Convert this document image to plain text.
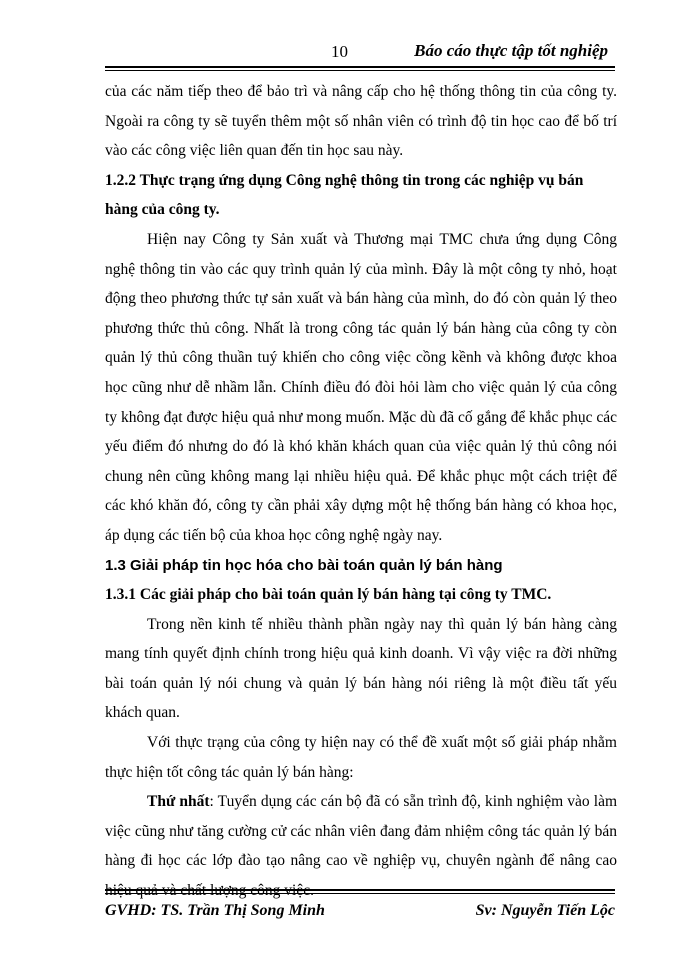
10	Báo cáo thực tập tốt nghiệp

của các năm tiếp theo để bảo trì và nâng cấp cho hệ thống thông tin của công ty. Ngoài ra công ty sẽ tuyển thêm một số nhân viên có trình độ tin học cao để bố trí vào các công việc liên quan đến tin học sau này.

1.2.2 Thực trạng ứng dụng Công nghệ thông tin trong các nghiệp vụ bán hàng của công ty.

Hiện nay Công ty Sản xuất và Thương mại TMC chưa ứng dụng Công nghệ thông tin vào các quy trình quản lý của mình. Đây là một công ty nhỏ, hoạt động theo phương thức tự sản xuất và bán hàng của mình, do đó còn quản lý theo phương thức thủ công. Nhất là trong công tác quản lý bán hàng của công ty còn quản lý thủ công thuần tuý khiến cho công việc cồng kềnh và không được khoa học cũng như dễ nhầm lẫn. Chính điều đó đòi hỏi làm cho việc quản lý của công ty không đạt được hiệu quả như mong muốn. Mặc dù đã cố gắng để khắc phục các yếu điểm đó nhưng do đó là khó khăn khách quan của việc quản lý thủ công nói chung nên cũng không mang lại nhiều hiệu quả. Để khắc phục một cách triệt để các khó khăn đó, công ty cần phải xây dựng một hệ thống bán hàng có khoa học, áp dụng các tiến bộ của khoa học công nghệ ngày nay.

1.3 Giải pháp tin học hóa cho bài toán quản lý bán hàng
1.3.1 Các giải pháp cho bài toán quản lý bán hàng tại công ty TMC.

Trong nền kinh tế nhiều thành phần ngày nay thì quản lý bán hàng càng mang tính quyết định chính trong hiệu quả kinh doanh. Vì vậy việc ra đời những bài toán quản lý nói chung và quản lý bán hàng nói riêng là một điều tất yếu khách quan.

Với thực trạng của công ty hiện nay có thể đề xuất một số giải pháp nhằm thực hiện tốt công tác quản lý bán hàng:

Thứ nhất: Tuyển dụng các cán bộ đã có sẵn trình độ, kinh nghiệm vào làm việc cũng như tăng cường cử các nhân viên đang đảm nhiệm công tác quản lý bán hàng đi học các lớp đào tạo nâng cao về nghiệp vụ, chuyên ngành để nâng cao

GVHD: TS. Trần Thị Song Minh	Sv: Nguyễn Tiến Lộc
